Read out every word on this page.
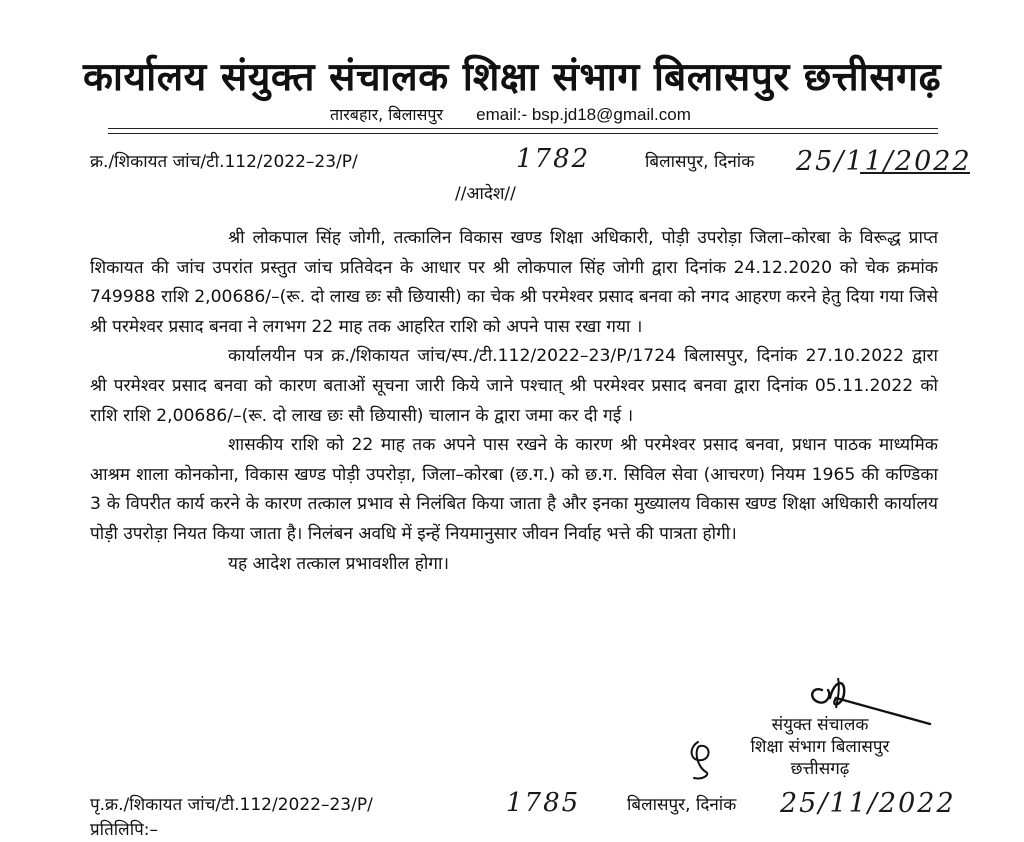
कार्यालय संयुक्त संचालक शिक्षा संभाग बिलासपुर छत्तीसगढ़
तारबहार, बिलासपुर email:- bsp.jd18@gmail.com
क्र./शिकायत जांच/टी.112/2022–23/P/	1782	बिलासपुर, दिनांक 25/11/2022
//आदेश//

श्री लोकपाल सिंह जोगी, तत्कालिन विकास खण्ड शिक्षा अधिकारी, पोड़ी उपरोड़ा जिला–कोरबा के विरूद्ध प्राप्त शिकायत की जांच उपरांत प्रस्तुत जांच प्रतिवेदन के आधार पर श्री लोकपाल सिंह जोगी द्वारा दिनांक 24.12.2020 को चेक क्रमांक 749988 राशि 2,00686/–(रू. दो लाख छः सौ छियासी) का चेक श्री परमेश्वर प्रसाद बनवा को नगद आहरण करने हेतु दिया गया जिसे श्री परमेश्वर प्रसाद बनवा ने लगभग 22 माह तक आहरित राशि को अपने पास रखा गया ।

कार्यालयीन पत्र क्र./शिकायत जांच/स्प./टी.112/2022–23/P/1724 बिलासपुर, दिनांक 27.10.2022 द्वारा श्री परमेश्वर प्रसाद बनवा को कारण बताओं सूचना जारी किये जाने पश्चात् श्री परमेश्वर प्रसाद बनवा द्वारा दिनांक 05.11.2022 को राशि राशि 2,00686/–(रू. दो लाख छः सौ छियासी) चालान के द्वारा जमा कर दी गई ।

शासकीय राशि को 22 माह तक अपने पास रखने के कारण श्री परमेश्वर प्रसाद बनवा, प्रधान पाठक माध्यमिक आश्रम शाला कोनकोना, विकास खण्ड पोड़ी उपरोड़ा, जिला–कोरबा (छ.ग.) को छ.ग. सिविल सेवा (आचरण) नियम 1965 की कण्डिका 3 के विपरीत कार्य करने के कारण तत्काल प्रभाव से निलंबित किया जाता है और इनका मुख्यालय विकास खण्ड शिक्षा अधिकारी कार्यालय पोड़ी उपरोड़ा नियत किया जाता है। निलंबन अवधि में इन्हें नियमानुसार जीवन निर्वाह भत्ते की पात्रता होगी।

यह आदेश तत्काल प्रभावशील होगा।

संयुक्त संचालक
शिक्षा संभाग बिलासपुर
छत्तीसगढ़
पृ.क्र./शिकायत जांच/टी.112/2022–23/P/	1785	बिलासपुर, दिनांक 25/11/2022
प्रतिलिपि:–
